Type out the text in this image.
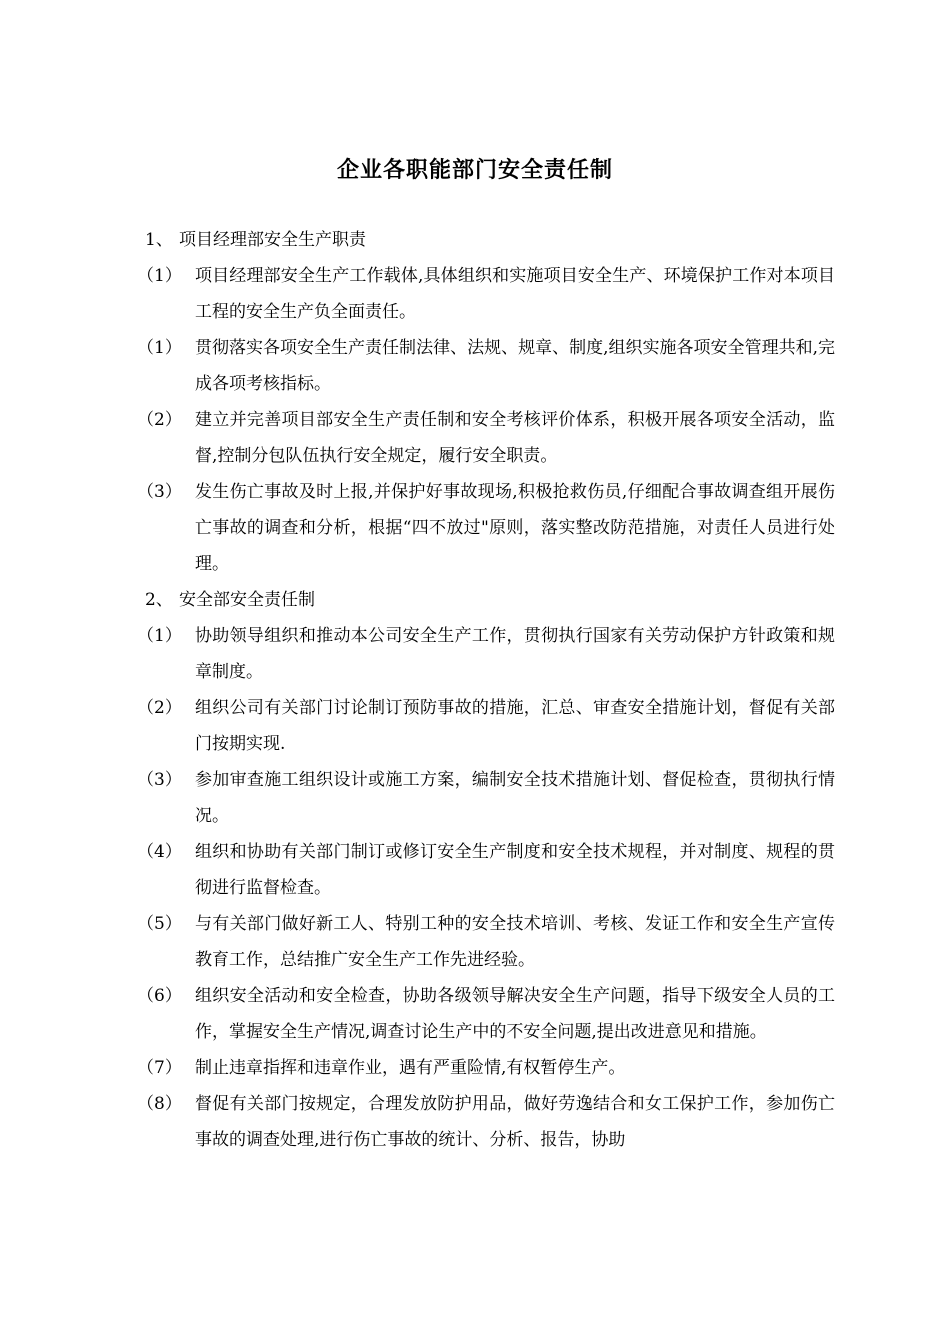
企业各职能部门安全责任制
1、 项目经理部安全生产职责
（1） 项目经理部安全生产工作载体,具体组织和实施项目安全生产、环境保护工作对本项目工程的安全生产负全面责任。
（1） 贯彻落实各项安全生产责任制法律、法规、规章、制度,组织实施各项安全管理共和,完成各项考核指标。
（2） 建立并完善项目部安全生产责任制和安全考核评价体系，积极开展各项安全活动，监督,控制分包队伍执行安全规定，履行安全职责。
（3） 发生伤亡事故及时上报,并保护好事故现场,积极抢救伤员,仔细配合事故调查组开展伤亡事故的调查和分析，根据“四不放过"原则，落实整改防范措施，对责任人员进行处理。
2、 安全部安全责任制
（1） 协助领导组织和推动本公司安全生产工作，贯彻执行国家有关劳动保护方针政策和规章制度。
（2） 组织公司有关部门讨论制订预防事故的措施，汇总、审查安全措施计划，督促有关部门按期实现.
（3） 参加审查施工组织设计或施工方案，编制安全技术措施计划、督促检查，贯彻执行情况。
（4） 组织和协助有关部门制订或修订安全生产制度和安全技术规程，并对制度、规程的贯彻进行监督检查。
（5） 与有关部门做好新工人、特别工种的安全技术培训、考核、发证工作和安全生产宣传教育工作，总结推广安全生产工作先进经验。
（6） 组织安全活动和安全检查，协助各级领导解决安全生产问题，指导下级安全人员的工作，掌握安全生产情况,调查讨论生产中的不安全问题,提出改进意见和措施。
（7） 制止违章指挥和违章作业，遇有严重险情,有权暂停生产。
（8） 督促有关部门按规定，合理发放防护用品，做好劳逸结合和女工保护工作，参加伤亡事故的调查处理,进行伤亡事故的统计、分析、报告，协助
